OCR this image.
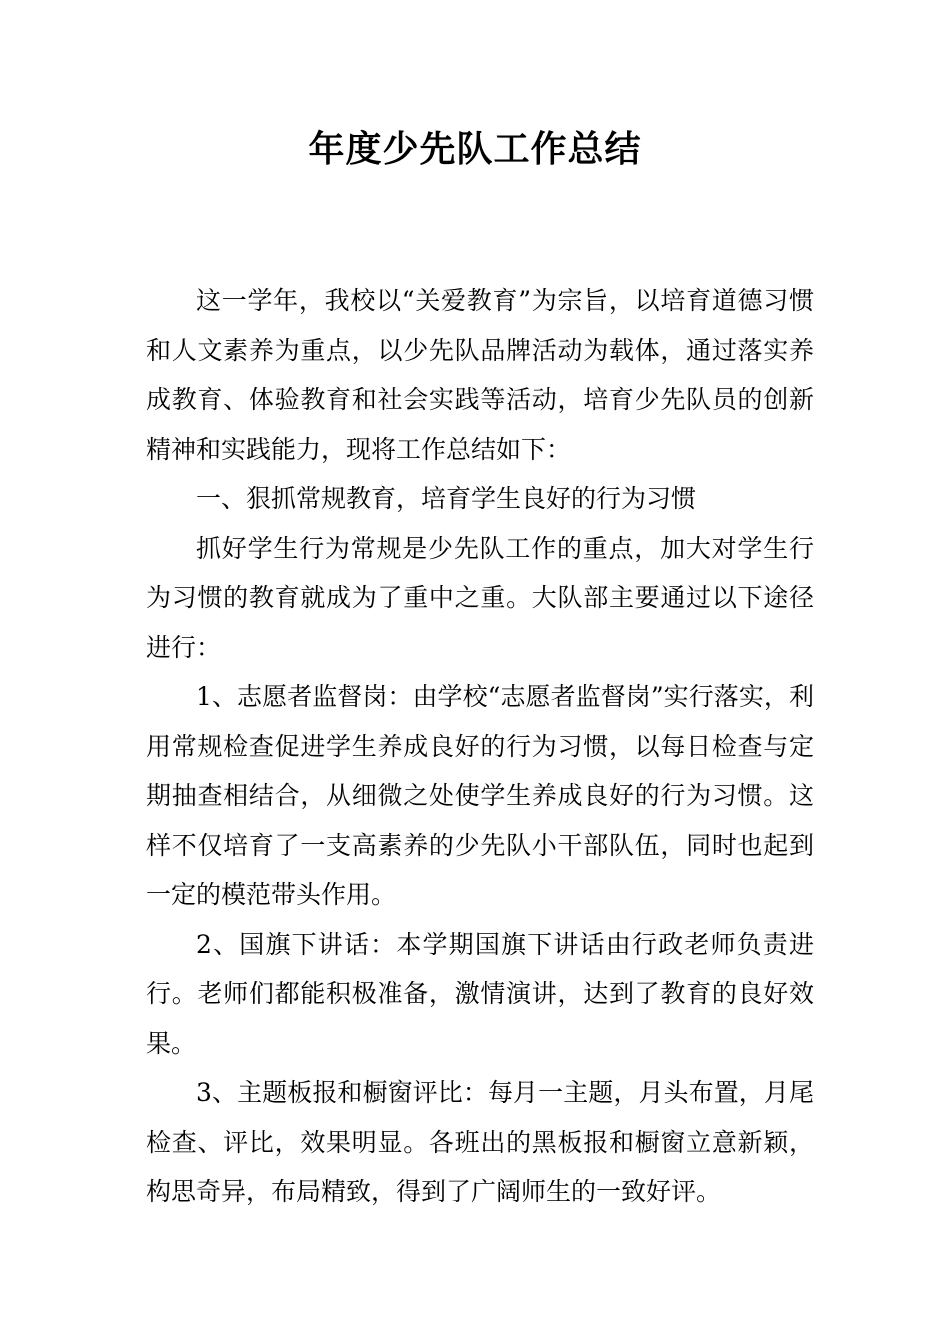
年度少先队工作总结

这一学年，我校以“关爱教育”为宗旨，以培育道德习惯和人文素养为重点，以少先队品牌活动为载体，通过落实养成教育、体验教育和社会实践等活动，培育少先队员的创新精神和实践能力，现将工作总结如下：

一、狠抓常规教育，培育学生良好的行为习惯

抓好学生行为常规是少先队工作的重点，加大对学生行为习惯的教育就成为了重中之重。大队部主要通过以下途径进行：

1、志愿者监督岗：由学校“志愿者监督岗”实行落实，利用常规检查促进学生养成良好的行为习惯，以每日检查与定期抽查相结合，从细微之处使学生养成良好的行为习惯。这样不仅培育了一支高素养的少先队小干部队伍，同时也起到一定的模范带头作用。

2、国旗下讲话：本学期国旗下讲话由行政老师负责进行。老师们都能积极准备，激情演讲，达到了教育的良好效果。

3、主题板报和橱窗评比：每月一主题，月头布置，月尾检查、评比，效果明显。各班出的黑板报和橱窗立意新颖，构思奇异，布局精致，得到了广阔师生的一致好评。
